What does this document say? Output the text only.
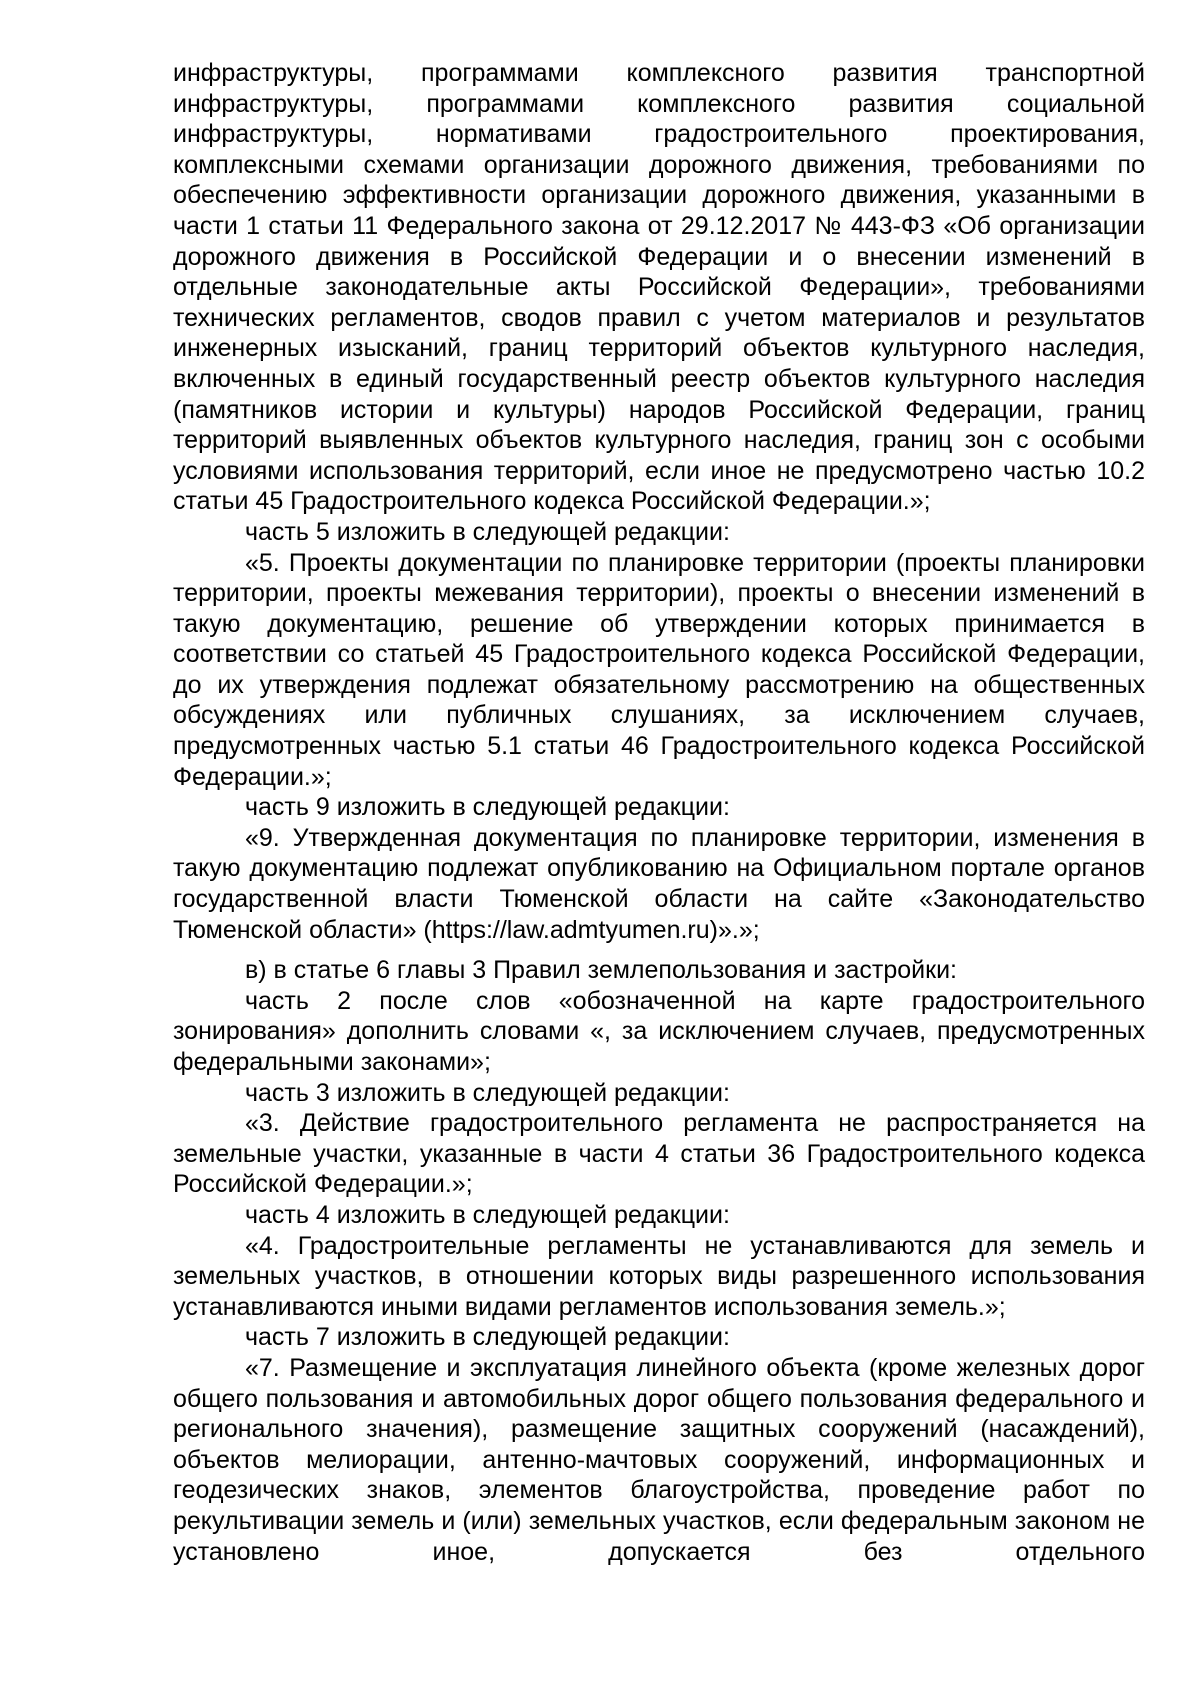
инфраструктуры, программами комплексного развития транспортной инфраструктуры, программами комплексного развития социальной инфраструктуры, нормативами градостроительного проектирования, комплексными схемами организации дорожного движения, требованиями по обеспечению эффективности организации дорожного движения, указанными в части 1 статьи 11 Федерального закона от 29.12.2017 № 443-ФЗ «Об организации дорожного движения в Российской Федерации и о внесении изменений в отдельные законодательные акты Российской Федерации», требованиями технических регламентов, сводов правил с учетом материалов и результатов инженерных изысканий, границ территорий объектов культурного наследия, включенных в единый государственный реестр объектов культурного наследия (памятников истории и культуры) народов Российской Федерации, границ территорий выявленных объектов культурного наследия, границ зон с особыми условиями использования территорий, если иное не предусмотрено частью 10.2 статьи 45 Градостроительного кодекса Российской Федерации.»;

часть 5 изложить в следующей редакции:

«5. Проекты документации по планировке территории (проекты планировки территории, проекты межевания территории), проекты о внесении изменений в такую документацию, решение об утверждении которых принимается в соответствии со статьей 45 Градостроительного кодекса Российской Федерации, до их утверждения подлежат обязательному рассмотрению на общественных обсуждениях или публичных слушаниях, за исключением случаев, предусмотренных частью 5.1 статьи 46 Градостроительного кодекса Российской Федерации.»;

часть 9 изложить в следующей редакции:

«9. Утвержденная документация по планировке территории, изменения в такую документацию подлежат опубликованию на Официальном портале органов государственной власти Тюменской области на сайте «Законодательство Тюменской области» (https://law.admtyumen.ru)».»;

в) в статье 6 главы 3 Правил землепользования и застройки:

часть 2 после слов «обозначенной на карте градостроительного зонирования» дополнить словами «, за исключением случаев, предусмотренных федеральными законами»;

часть 3 изложить в следующей редакции:

«3. Действие градостроительного регламента не распространяется на земельные участки, указанные в части 4 статьи 36 Градостроительного кодекса Российской Федерации.»;

часть 4 изложить в следующей редакции:

«4. Градостроительные регламенты не устанавливаются для земель и земельных участков, в отношении которых виды разрешенного использования устанавливаются иными видами регламентов использования земель.»;

часть 7 изложить в следующей редакции:

«7. Размещение и эксплуатация линейного объекта (кроме железных дорог общего пользования и автомобильных дорог общего пользования федерального и регионального значения), размещение защитных сооружений (насаждений), объектов мелиорации, антенно-мачтовых сооружений, информационных и геодезических знаков, элементов благоустройства, проведение работ по рекультивации земель и (или) земельных участков, если федеральным законом не установлено иное, допускается без отдельного
